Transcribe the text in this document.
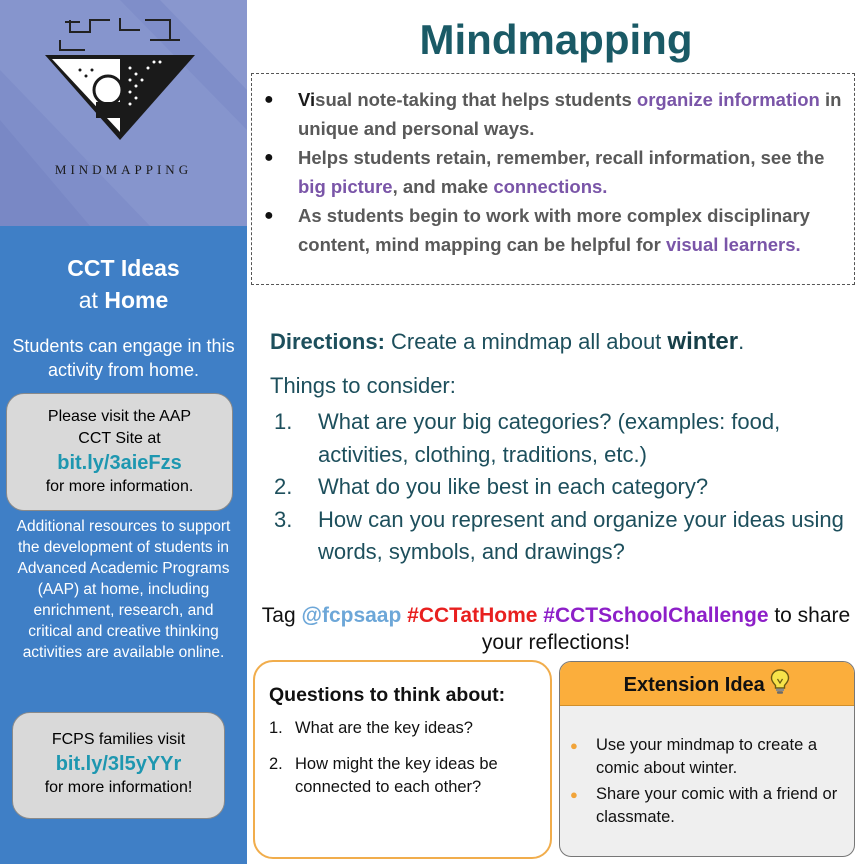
MINDMAPPING
CCT Ideas
at Home
Students can engage in this activity from home.
Please visit the AAP
CCT Site at
bit.ly/3aieFzs
for more information.
Additional resources to support the development of students in Advanced Academic Programs (AAP) at home, including enrichment, research, and critical and creative thinking activities are available online.
FCPS families visit
bit.ly/3l5yYYr
for more information!
Mindmapping
● Visual note-taking that helps students organize information in unique and personal ways.
● Helps students retain, remember, recall information, see the big picture, and make connections.
● As students begin to work with more complex disciplinary content, mind mapping can be helpful for visual learners.
Directions: Create a mindmap all about winter.
Things to consider:
1. What are your big categories? (examples: food, activities, clothing, traditions, etc.)
2. What do you like best in each category?
3. How can you represent and organize your ideas using words, symbols, and drawings?
Tag @fcpsaap #CCTatHome #CCTSchoolChallenge to share your reflections!
Questions to think about:
1. What are the key ideas?
2. How might the key ideas be connected to each other?
Extension Idea
● Use your mindmap to create a comic about winter.
● Share your comic with a friend or classmate.
